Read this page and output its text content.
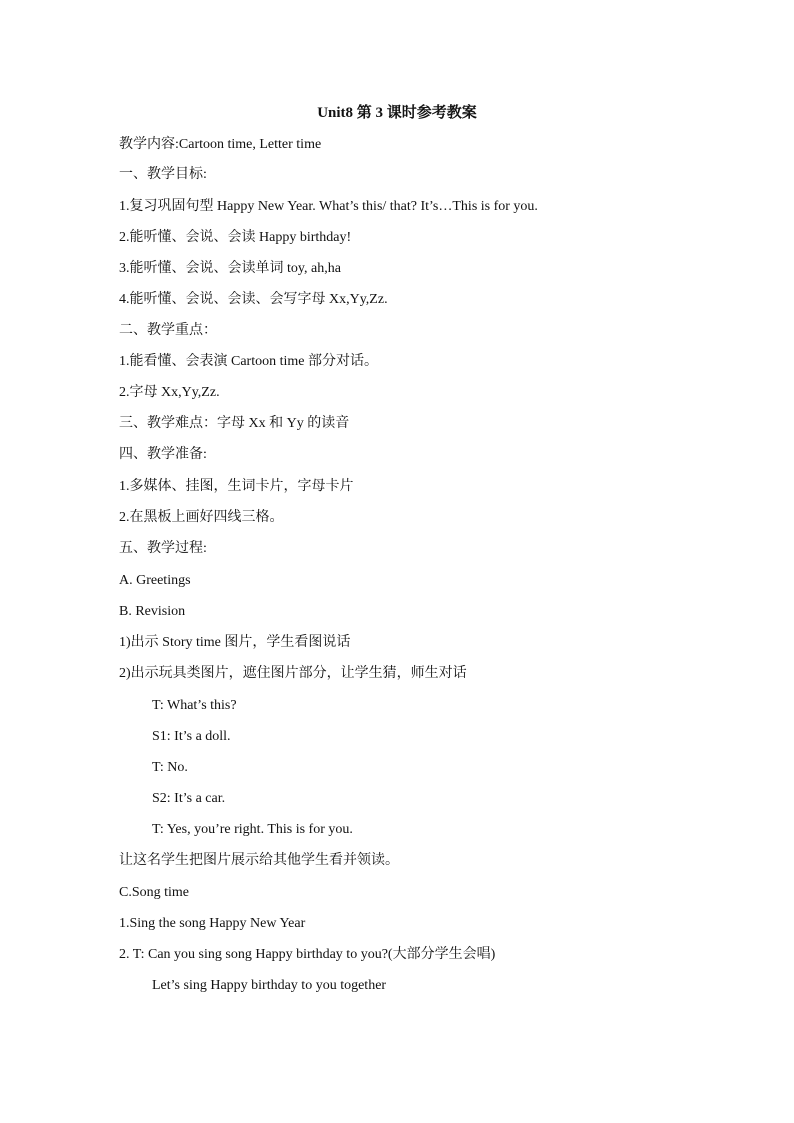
Unit8 第 3 课时参考教案
教学内容:Cartoon time, Letter time
一、教学目标:
1.复习巩固句型 Happy New Year. What’s this/ that? It’s…This is for you.
2.能听懂、会说、会读 Happy birthday!
3.能听懂、会说、会读单词 toy, ah,ha
4.能听懂、会说、会读、会写字母 Xx,Yy,Zz.
二、教学重点：
1.能看懂、会表演 Cartoon time 部分对话。
2.字母 Xx,Yy,Zz.
三、教学难点：字母 Xx 和 Yy 的读音
四、教学准备:
1.多媒体、挂图，生词卡片，字母卡片
2.在黑板上画好四线三格。
五、教学过程:
A. Greetings
B. Revision
1)出示 Story time 图片，学生看图说话
2)出示玩具类图片，遮住图片部分，让学生猜，师生对话
T: What’s this?
S1: It’s a doll.
T: No.
S2: It’s a car.
T: Yes, you’re right. This is for you.
让这名学生把图片展示给其他学生看并领读。
C.Song time
1.Sing the song Happy New Year
2. T: Can you sing song Happy birthday to you?(大部分学生会唱)
Let’s sing Happy birthday to you together
